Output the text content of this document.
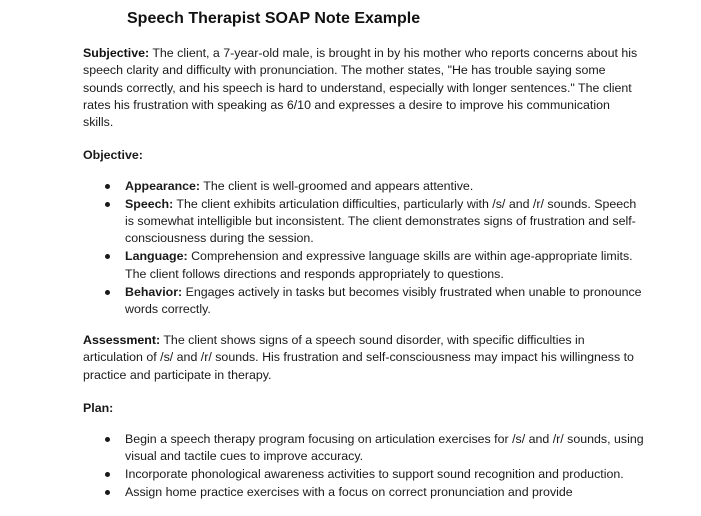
Speech Therapist SOAP Note Example

Subjective: The client, a 7-year-old male, is brought in by his mother who reports concerns about his speech clarity and difficulty with pronunciation. The mother states, "He has trouble saying some sounds correctly, and his speech is hard to understand, especially with longer sentences." The client rates his frustration with speaking as 6/10 and expresses a desire to improve his communication skills.

Objective:
Appearance: The client is well-groomed and appears attentive.
Speech: The client exhibits articulation difficulties, particularly with /s/ and /r/ sounds. Speech is somewhat intelligible but inconsistent. The client demonstrates signs of frustration and self-consciousness during the session.
Language: Comprehension and expressive language skills are within age-appropriate limits. The client follows directions and responds appropriately to questions.
Behavior: Engages actively in tasks but becomes visibly frustrated when unable to pronounce words correctly.

Assessment: The client shows signs of a speech sound disorder, with specific difficulties in articulation of /s/ and /r/ sounds. His frustration and self-consciousness may impact his willingness to practice and participate in therapy.

Plan:
Begin a speech therapy program focusing on articulation exercises for /s/ and /r/ sounds, using visual and tactile cues to improve accuracy.
Incorporate phonological awareness activities to support sound recognition and production.
Assign home practice exercises with a focus on correct pronunciation and provide
